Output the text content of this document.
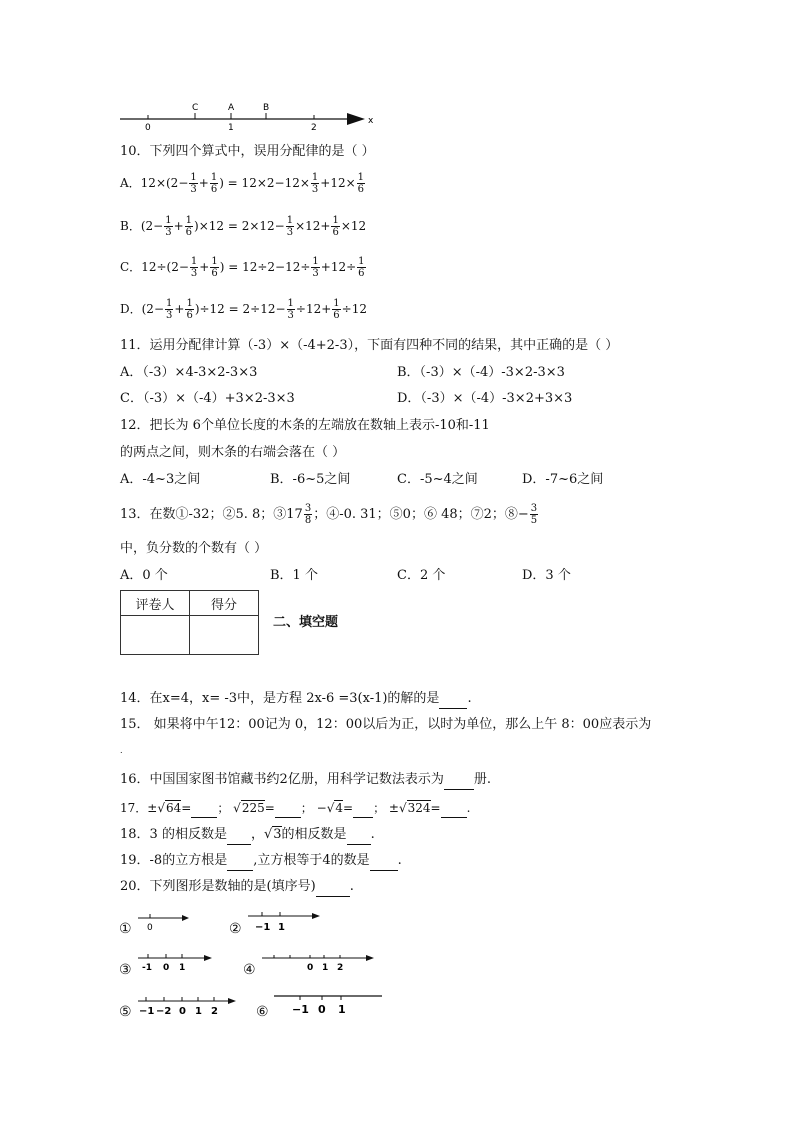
C	A	B
0	1	2
x
10．下列四个算式中，误用分配律的是（ ）
A．$12\times(2- \frac{1}{3} + \frac{1}{6}$ ) = $12\times 2-12\times \frac{1}{3} +12\times \frac{1}{6}$
B．$(2- \frac{1}{3} + \frac{1}{6} )\times 12 = 2\times 12- \frac{1}{3} \times 12+ \frac{1}{6} \times 12$
C．$12\div(2- \frac{1}{3} + \frac{1}{6}$ ) = $12\div 2-12\div \frac{1}{3} +12\div \frac{1}{6}$
D．$(2- \frac{1}{3} + \frac{1}{6} )\div 12 = 2\div 12- \frac{1}{3} \div 12+ \frac{1}{6} \div 12$
11．运用分配律计算（-3）×（-4+2-3），下面有四种不同的结果，其中正确的是（ ）
A．（-3）×4-3×2-3×3	B．（-3）×（-4）-3×2-3×3
C．（-3）×（-4）+3×2-3×3	D．（-3）×（-4）-3×2+3×3
12．把长为 6个单位长度的木条的左端放在数轴上表示-10和-11
的两点之间，则木条的右端会落在（ ）
A．-4~3之间	B．-6~5之间	C．-5~4之间	D．-7~6之间
13．在数①-32；②5. 8；③17 $\frac{3}{8}$ ；④-0. 31；⑤0；⑥ 48；⑦2；⑧− $\frac{3}{5}$
中，负分数的个数有（ ）
A．0 个	B．1 个	C．2 个	D．3 个
评卷人	得分

二、填空题
14．在x=4，x= -3中，是方程 2x-6 =3(x-1)的解的是 .
15． 如果将中午12：00记为 0，12：00以后为正，以时为单位，那么上午 8：00应表示为
.
16．中国国家图书馆藏书约2亿册，用科学记数法表示为 册.
17．±√64= ； √225= ； −√4= ； ±√324= .
18．3 的相反数是 ，√3的相反数是 .
19．-8的立方根是 ,立方根等于4的数是 .
20．下列图形是数轴的是(填序号)	.
① 0	② −1 1
③ -1 0 1	④	0 1 2
⑤ −1 −2 0 1 2	⑥ −1 0 1
